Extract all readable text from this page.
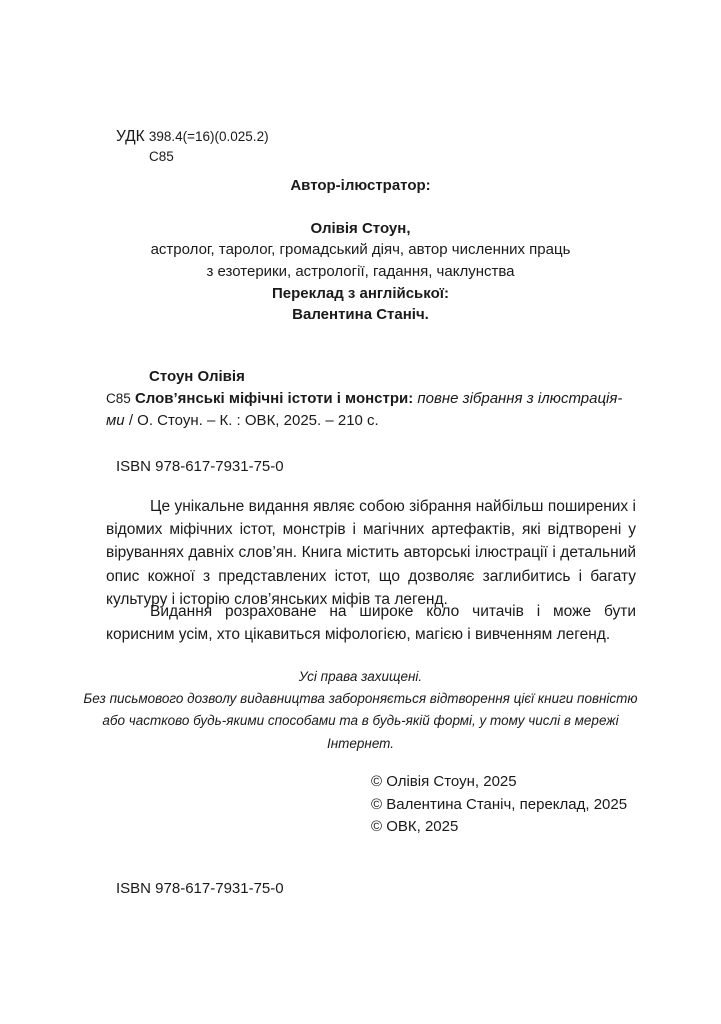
УДК 398.4(=16)(0.025.2)
С85
Автор-ілюстратор:
Олівія Стоун,
астролог, таролог, громадський діяч, автор численних праць
з езотерики, астрології, гадання, чаклунства
Переклад з англійської:
Валентина Станіч.
Стоун Олівія
С85 Слов’янські міфічні істоти і монстри: повне зібрання з ілюстрація-
ми / О. Стоун. – К. : ОВК, 2025. – 210 с.
ISBN 978-617-7931-75-0
Це унікальне видання являє собою зібрання найбільш поширених і відомих міфічних істот, монстрів і магічних артефактів, які відтворені у віруваннях давніх слов’ян. Книга містить авторські ілюстрації і детальний опис кожної з представлених істот, що дозволяє заглибитись і багату культуру і історію слов’янських міфів та легенд.
Видання розраховане на широке коло читачів і може бути корисним усім, хто цікавиться міфологією, магією і вивченням легенд.
Усі права захищені.
Без письмового дозволу видавництва забороняється відтворення цієї книги повністю
або частково будь-якими способами та в будь-якій формі, у тому числі в мережі
Інтернет.
© Олівія Стоун, 2025
© Валентина Станіч, переклад, 2025
© ОВК, 2025
ISBN 978-617-7931-75-0
